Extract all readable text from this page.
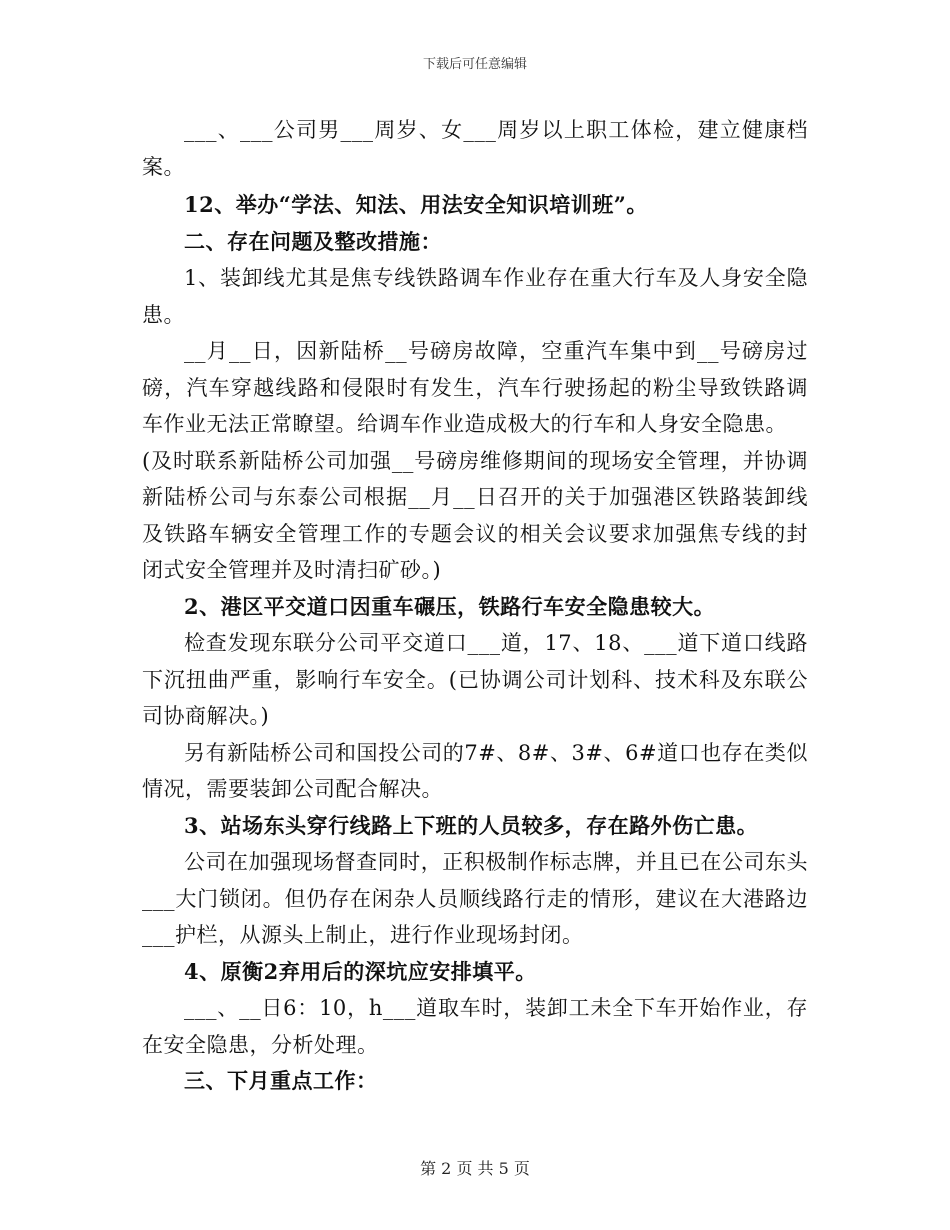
下载后可任意编辑

___、___公司男___周岁、女___周岁以上职工体检，建立健康档案。

12、举办“学法、知法、用法安全知识培训班”。

二、存在问题及整改措施：

1、装卸线尤其是焦专线铁路调车作业存在重大行车及人身安全隐患。

__月__日，因新陆桥__号磅房故障，空重汽车集中到__号磅房过磅，汽车穿越线路和侵限时有发生，汽车行驶扬起的粉尘导致铁路调车作业无法正常瞭望。给调车作业造成极大的行车和人身安全隐患。

(及时联系新陆桥公司加强__号磅房维修期间的现场安全管理，并协调新陆桥公司与东泰公司根据__月__日召开的关于加强港区铁路装卸线及铁路车辆安全管理工作的专题会议的相关会议要求加强焦专线的封闭式安全管理并及时清扫矿砂。)

2、港区平交道口因重车碾压，铁路行车安全隐患较大。

检查发现东联分公司平交道口___道，17、18、___道下道口线路下沉扭曲严重，影响行车安全。(已协调公司计划科、技术科及东联公司协商解决。)

另有新陆桥公司和国投公司的7#、8#、3#、6#道口也存在类似情况，需要装卸公司配合解决。

3、站场东头穿行线路上下班的人员较多，存在路外伤亡患。

公司在加强现场督查同时，正积极制作标志牌，并且已在公司东头___大门锁闭。但仍存在闲杂人员顺线路行走的情形，建议在大港路边___护栏，从源头上制止，进行作业现场封闭。

4、原衡2弃用后的深坑应安排填平。

___、__日6：10，h___道取车时，装卸工未全下车开始作业，存在安全隐患，分析处理。

三、下月重点工作：

第 2 页 共 5 页
